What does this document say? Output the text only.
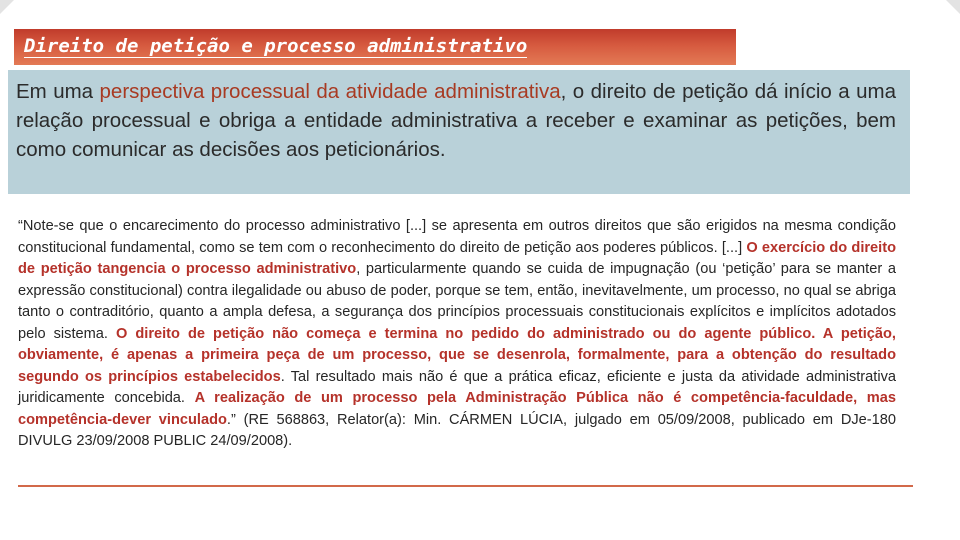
Direito de petição e processo administrativo
Em uma perspectiva processual da atividade administrativa, o direito de petição dá início a uma relação processual e obriga a entidade administrativa a receber e examinar as petições, bem como comunicar as decisões aos peticionários.
“Note-se que o encarecimento do processo administrativo [...] se apresenta em outros direitos que são erigidos na mesma condição constitucional fundamental, como se tem com o reconhecimento do direito de petição aos poderes públicos. [...] O exercício do direito de petição tangencia o processo administrativo, particularmente quando se cuida de impugnação (ou ‘petição’ para se manter a expressão constitucional) contra ilegalidade ou abuso de poder, porque se tem, então, inevitavelmente, um processo, no qual se abriga tanto o contraditório, quanto a ampla defesa, a segurança dos princípios processuais constitucionais explícitos e implícitos adotados pelo sistema. O direito de petição não começa e termina no pedido do administrado ou do agente público. A petição, obviamente, é apenas a primeira peça de um processo, que se desenrola, formalmente, para a obtenção do resultado segundo os princípios estabelecidos. Tal resultado mais não é que a prática eficaz, eficiente e justa da atividade administrativa juridicamente concebida. A realização de um processo pela Administração Pública não é competência-faculdade, mas competência-dever vinculado.” (RE 568863, Relator(a): Min. CÁRMEN LÚCIA, julgado em 05/09/2008, publicado em DJe-180 DIVULG 23/09/2008 PUBLIC 24/09/2008).
